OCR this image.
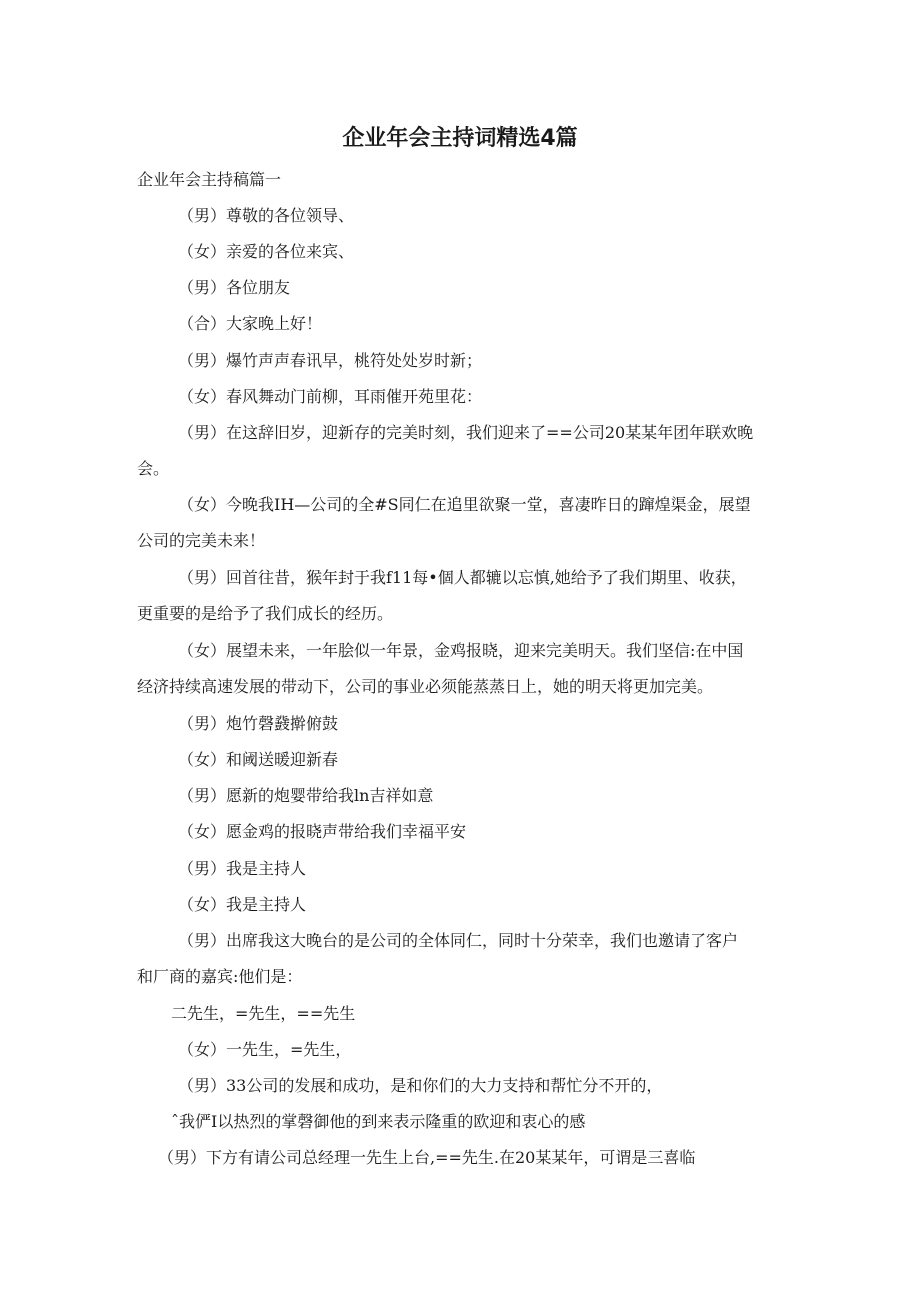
企业年会主持词精选4篇
企业年会主持稿篇一
（男）尊敬的各位领导、
（女）亲爱的各位来宾、
（男）各位朋友
（合）大家晚上好！
（男）爆竹声声春讯早，桃符处处岁时新；
（女）春风舞动门前柳，耳雨催开苑里花：
（男）在这辞旧岁，迎新存的完美时刻，我们迎来了==公司20某某年团年联欢晚
会。
（女）今晚我IH—公司的全#S同仁在追里欲聚一堂，喜凄昨日的蹿煌渠金，展望
公司的完美未来！
（男）回首往昔，猴年封于我f11每•個人都辘以忘慎,她给予了我们期里、收获，
更重要的是给予了我们成长的经历。
（女）展望未来，一年脍似一年景，金鸡报晓，迎来完美明天。我们坚信:在中国
经济持续高速发展的带动下，公司的事业必须能蒸蒸日上，她的明天将更加完美。
（男）炮竹磬鼗擀俯鼓
（女）和阈送暖迎新春
（男）愿新的炮婴带给我ln吉祥如意
（女）愿金鸡的报晓声带给我们幸福平安
（男）我是主持人
（女）我是主持人
（男）出席我这大晚台的是公司的全体同仁，同时十分荣幸，我们也邀请了客户
和厂商的嘉宾:他们是：
二先生，=先生，==先生
（女）一先生，=先生，
（男）33公司的发展和成功，是和你们的大力支持和帮忙分不开的，
ˆ我俨I以热烈的掌磬御他的到来表示隆重的欧迎和衷心的感
（男）下方有请公司总经理一先生上台,==先生.在20某某年，可谓是三喜临
